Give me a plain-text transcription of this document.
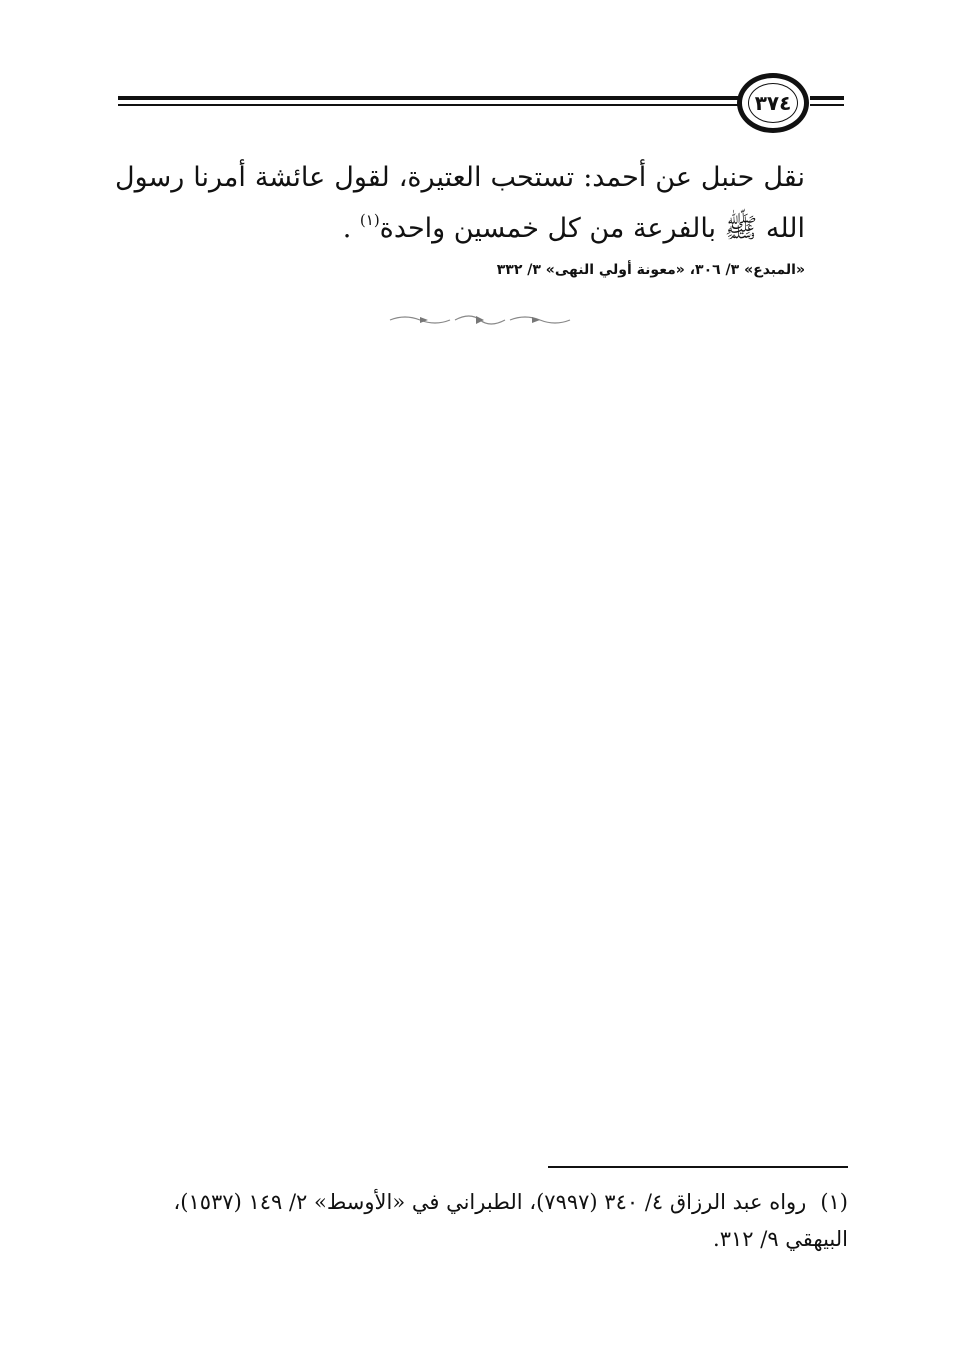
٣٧٤

نقل حنبل عن أحمد: تستحب العتيرة، لقول عائشة أمرنا رسول الله ﷺ بالفرعة من كل خمسين واحدة$^{(١)}$ .

«المبدع» ٣/ ٣٠٦، «معونة أولي النهى» ٣/ ٣٣٢

(١)رواه عبد الرزاق ٤/ ٣٤٠ (٧٩٩٧)، الطبراني في «الأوسط» ٢/ ١٤٩ (١٥٣٧)، البيهقي ٩/ ٣١٢.
